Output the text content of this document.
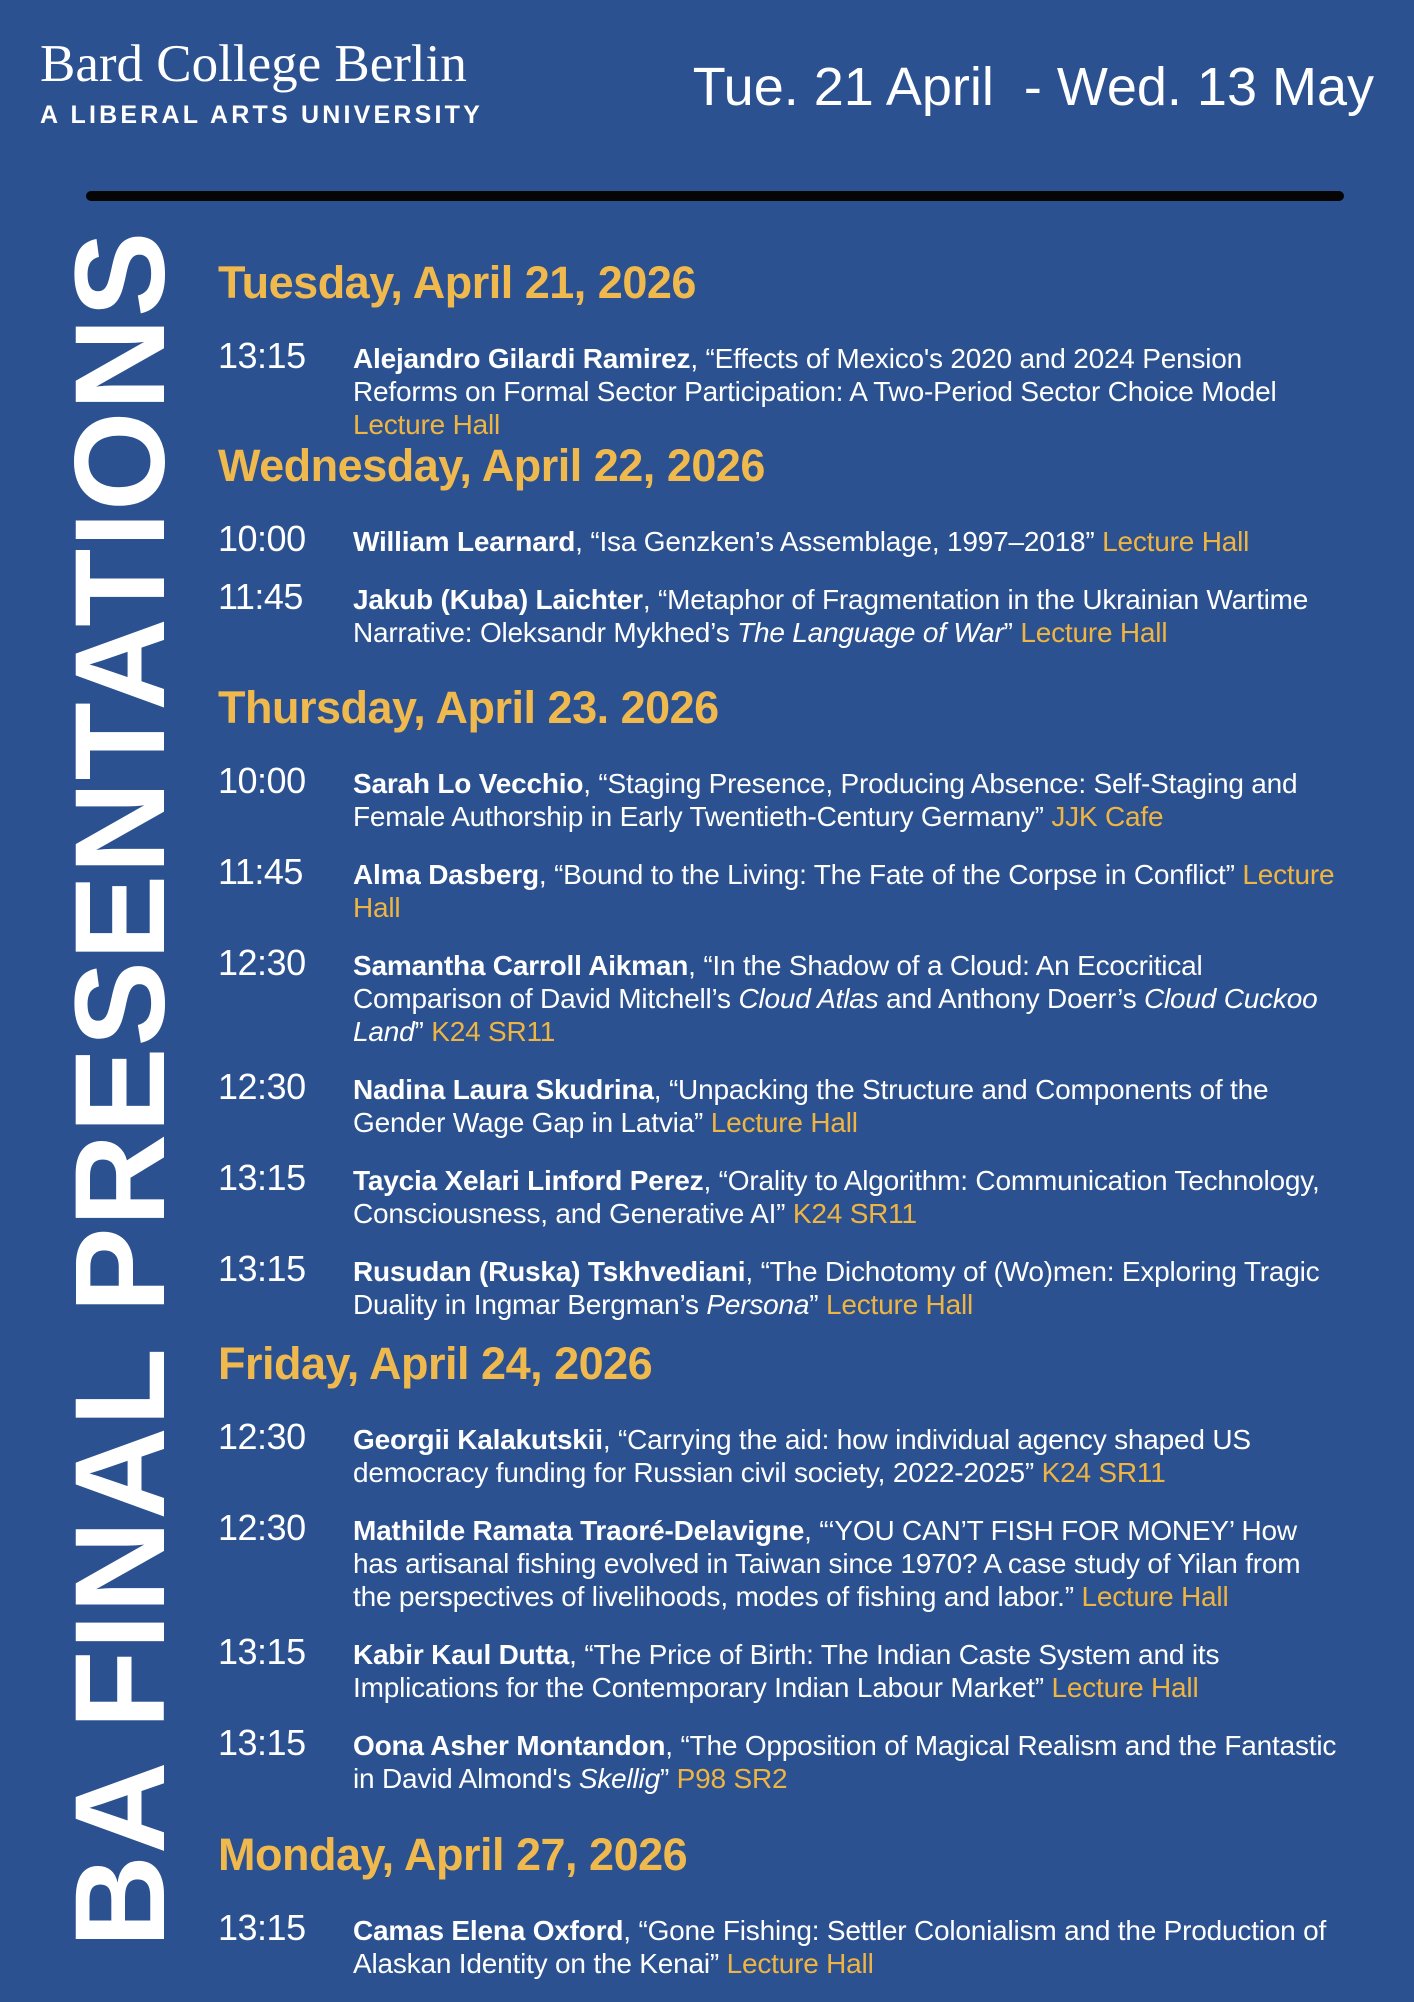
Bard College Berlin
A LIBERAL ARTS UNIVERSITY	Tue. 21 April  - Wed. 13 May
BA FINAL PRESENTATIONS Tuesday, April 21, 2026
13:15	Alejandro Gilardi Ramirez, “Effects of Mexico's 2020 and 2024 Pension Reforms on Formal Sector Participation: A Two-Period Sector Choice Model Lecture Hall
Wednesday, April 22, 2026
10:00	William Learnard, “Isa Genzken’s Assemblage, 1997–2018” Lecture Hall
11:45	Jakub (Kuba) Laichter, “Metaphor of Fragmentation in the Ukrainian Wartime Narrative: Oleksandr Mykhed’s The Language of War” Lecture Hall
Thursday, April 23. 2026
10:00	Sarah Lo Vecchio, “Staging Presence, Producing Absence: Self-Staging and Female Authorship in Early Twentieth-Century Germany” JJK Cafe
11:45	Alma Dasberg, “Bound to the Living: The Fate of the Corpse in Conflict” Lecture Hall
12:30	Samantha Carroll Aikman, “In the Shadow of a Cloud: An Ecocritical Comparison of David Mitchell’s Cloud Atlas and Anthony Doerr’s Cloud Cuckoo Land” K24 SR11
12:30	Nadina Laura Skudrina, “Unpacking the Structure and Components of the Gender Wage Gap in Latvia” Lecture Hall
13:15	Taycia Xelari Linford Perez, “Orality to Algorithm: Communication Technology, Consciousness, and Generative AI” K24 SR11
13:15	Rusudan (Ruska) Tskhvediani, “The Dichotomy of (Wo)men: Exploring Tragic Duality in Ingmar Bergman’s Persona” Lecture Hall
Friday, April 24, 2026
12:30	Georgii Kalakutskii, “Carrying the aid: how individual agency shaped US democracy funding for Russian civil society, 2022-2025” K24 SR11
12:30	Mathilde Ramata Traoré-Delavigne, “‘YOU CAN’T FISH FOR MONEY’ How has artisanal fishing evolved in Taiwan since 1970? A case study of Yilan from the perspectives of livelihoods, modes of fishing and labor.” Lecture Hall
13:15	Kabir Kaul Dutta, “The Price of Birth: The Indian Caste System and its Implications for the Contemporary Indian Labour Market” Lecture Hall
13:15	Oona Asher Montandon, “The Opposition of Magical Realism and the Fantastic in David Almond's Skellig” P98 SR2
Monday, April 27, 2026
13:15	Camas Elena Oxford, “Gone Fishing: Settler Colonialism and the Production of Alaskan Identity on the Kenai” Lecture Hall
